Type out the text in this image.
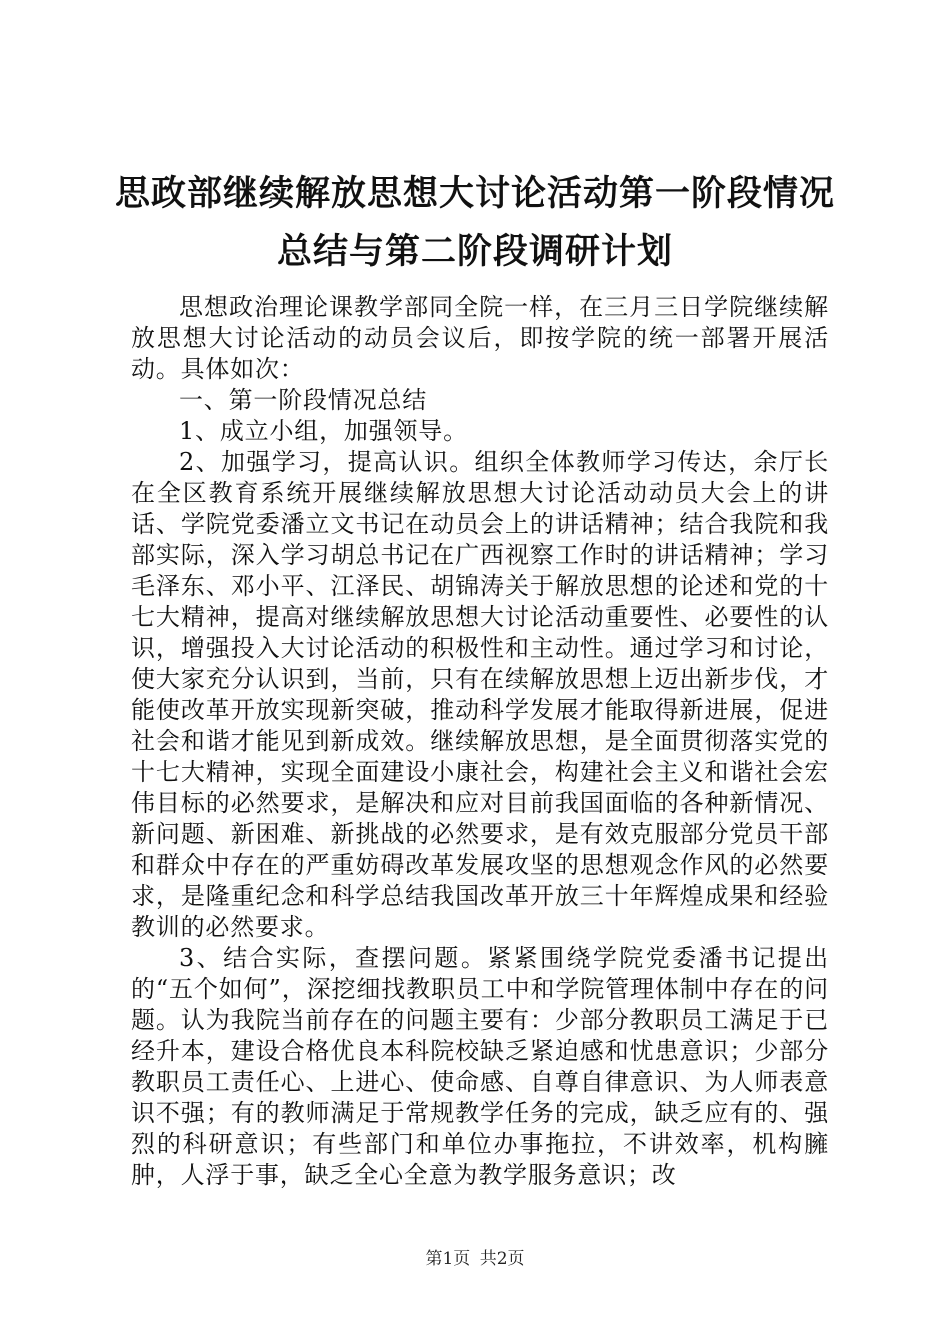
思政部继续解放思想大讨论活动第一阶段情况
总结与第二阶段调研计划

思想政治理论课教学部同全院一样，在三月三日学院继续解放思想大讨论活动的动员会议后，即按学院的统一部署开展活动。具体如次：

一、第一阶段情况总结

1、成立小组，加强领导。

2、加强学习，提高认识。组织全体教师学习传达，余厅长在全区教育系统开展继续解放思想大讨论活动动员大会上的讲话、学院党委潘立文书记在动员会上的讲话精神；结合我院和我部实际，深入学习胡总书记在广西视察工作时的讲话精神；学习毛泽东、邓小平、江泽民、胡锦涛关于解放思想的论述和党的十七大精神，提高对继续解放思想大讨论活动重要性、必要性的认识，增强投入大讨论活动的积极性和主动性。通过学习和讨论，使大家充分认识到，当前，只有在续解放思想上迈出新步伐，才能使改革开放实现新突破，推动科学发展才能取得新进展，促进社会和谐才能见到新成效。继续解放思想，是全面贯彻落实党的十七大精神，实现全面建设小康社会，构建社会主义和谐社会宏伟目标的必然要求，是解决和应对目前我国面临的各种新情况、新问题、新困难、新挑战的必然要求，是有效克服部分党员干部和群众中存在的严重妨碍改革发展攻坚的思想观念作风的必然要求，是隆重纪念和科学总结我国改革开放三十年辉煌成果和经验教训的必然要求。

3、结合实际，查摆问题。紧紧围绕学院党委潘书记提出的“五个如何”，深挖细找教职员工中和学院管理体制中存在的问题。认为我院当前存在的问题主要有：少部分教职员工满足于已经升本，建设合格优良本科院校缺乏紧迫感和忧患意识；少部分教职员工责任心、上进心、使命感、自尊自律意识、为人师表意识不强；有的教师满足于常规教学任务的完成，缺乏应有的、强烈的科研意识；有些部门和单位办事拖拉，不讲效率，机构臃肿，人浮于事，缺乏全心全意为教学服务意识；改

第1页 共2页
